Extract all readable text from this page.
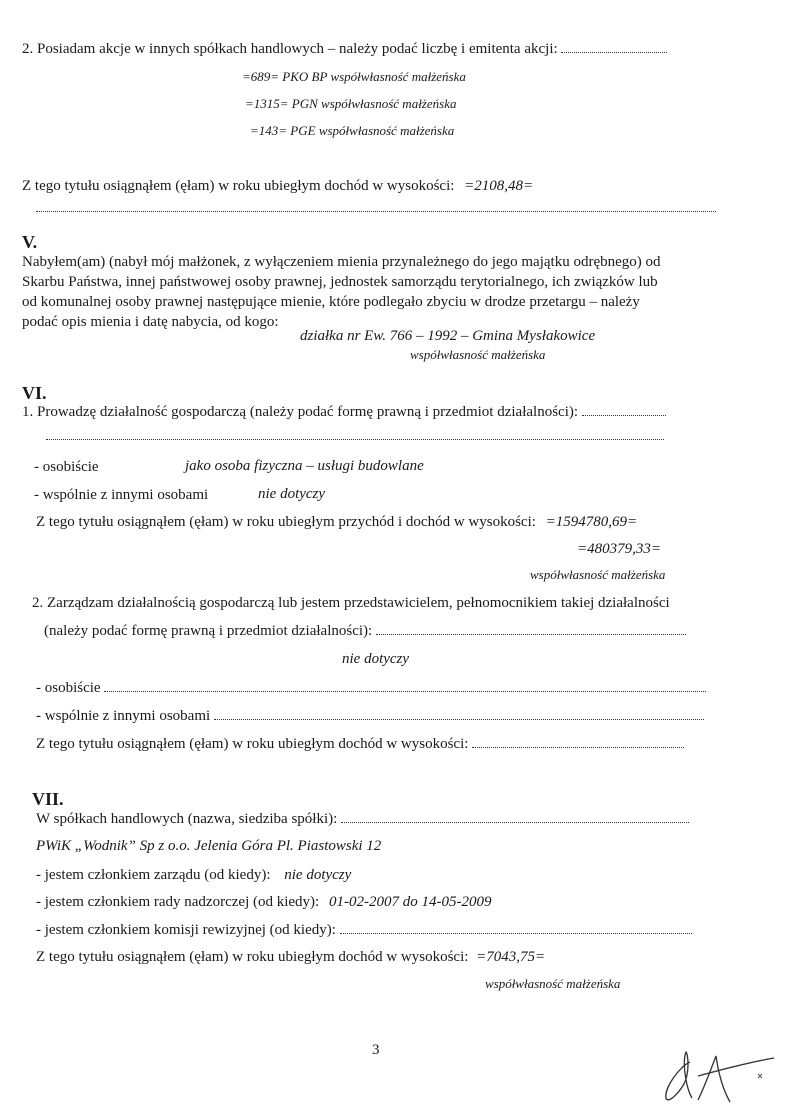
2. Posiadam akcje w innych spółkach handlowych – należy podać liczbę i emitenta akcji:
=689= PKO BP współwłasność małżeńska
=1315= PGN współwłasność małżeńska
=143= PGE współwłasność małżeńska
Z tego tytułu osiągnąłem (ęłam) w roku ubiegłym dochód w wysokości: =2108,48=
V.
Nabyłem(am) (nabył mój małżonek, z wyłączeniem mienia przynależnego do jego majątku odrębnego) od
Skarbu Państwa, innej państwowej osoby prawnej, jednostek samorządu terytorialnego, ich związków lub
od komunalnej osoby prawnej następujące mienie, które podlegało zbyciu w drodze przetargu – należy
podać opis mienia i datę nabycia, od kogo:
działka nr Ew. 766 – 1992 – Gmina Mysłakowice
współwłasność małżeńska
VI.
1. Prowadzę działalność gospodarczą (należy podać formę prawną i przedmiot działalności):
- osobiście	jako osoba fizyczna – usługi budowlane
- wspólnie z innymi osobami	nie dotyczy
Z tego tytułu osiągnąłem (ęłam) w roku ubiegłym przychód i dochód w wysokości: =1594780,69=
=480379,33=
współwłasność małżeńska
2. Zarządzam działalnością gospodarczą lub jestem przedstawicielem, pełnomocnikiem takiej działalności
(należy podać formę prawną i przedmiot działalności):
nie dotyczy
- osobiście
- wspólnie z innymi osobami
Z tego tytułu osiągnąłem (ęłam) w roku ubiegłym dochód w wysokości:
VII.
W spółkach handlowych (nazwa, siedziba spółki):
PWiK „Wodnik” Sp z o.o. Jelenia Góra Pl. Piastowski 12
- jestem członkiem zarządu (od kiedy): nie dotyczy
- jestem członkiem rady nadzorczej (od kiedy): 01-02-2007 do 14-05-2009
- jestem członkiem komisji rewizyjnej (od kiedy):
Z tego tytułu osiągnąłem (ęłam) w roku ubiegłym dochód w wysokości: =7043,75=
współwłasność małżeńska
3
